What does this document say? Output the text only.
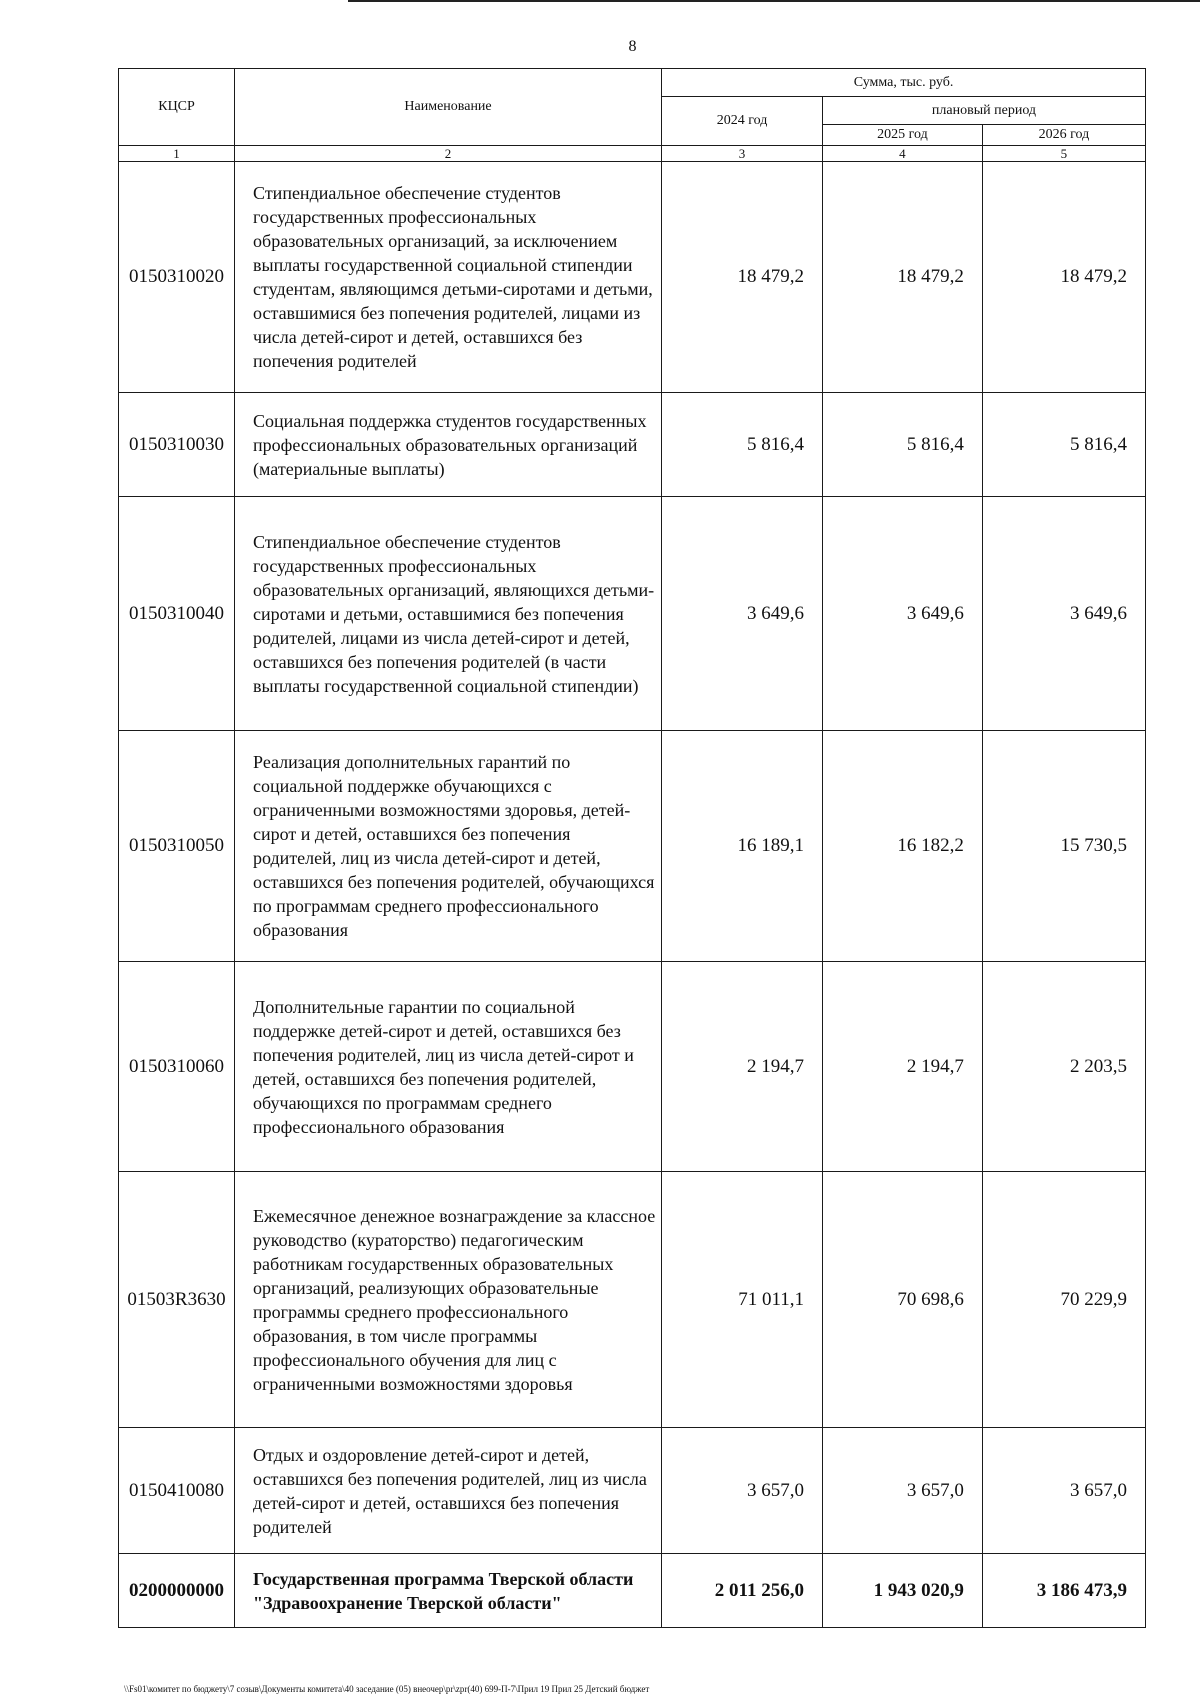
8
КЦСР	Наименование	Сумма, тыс. руб.		
		2024 год	плановый период	
			2025 год	2026 год
1	2	3	4	5
0150310020	Стипендиальное обеспечение студентов государственных профессиональных образовательных организаций, за исключением выплаты государственной социальной стипендии студентам, являющимся детьми-сиротами и детьми, оставшимися без попечения родителей, лицами из числа детей-сирот и детей, оставшихся без попечения родителей	18 479,2	18 479,2	18 479,2
0150310030	Социальная поддержка студентов государственных профессиональных образовательных организаций (материальные выплаты)	5 816,4	5 816,4	5 816,4
0150310040	Стипендиальное обеспечение студентов государственных профессиональных образовательных организаций, являющихся детьми-сиротами и детьми, оставшимися без попечения родителей, лицами из числа детей-сирот и детей, оставшихся без попечения родителей (в части выплаты государственной социальной стипендии)	3 649,6	3 649,6	3 649,6
0150310050	Реализация дополнительных гарантий по социальной поддержке обучающихся с ограниченными возможностями здоровья, детей-сирот и детей, оставшихся без попечения родителей, лиц из числа детей-сирот и детей, оставшихся без попечения родителей, обучающихся по программам среднего профессионального образования	16 189,1	16 182,2	15 730,5
0150310060	Дополнительные гарантии по социальной поддержке детей-сирот и детей, оставшихся без попечения родителей, лиц из числа детей-сирот и детей, оставшихся без попечения родителей, обучающихся по программам среднего профессионального образования	2 194,7	2 194,7	2 203,5
01503R3630	Ежемесячное денежное вознаграждение за классное руководство (кураторство) педагогическим работникам государственных образовательных организаций, реализующих образовательные программы среднего профессионального образования, в том числе программы профессионального обучения для лиц с ограниченными возможностями здоровья	71 011,1	70 698,6	70 229,9
0150410080	Отдых и оздоровление детей-сирот и детей, оставшихся без попечения родителей, лиц из числа детей-сирот и детей, оставшихся без попечения родителей	3 657,0	3 657,0	3 657,0
0200000000	Государственная программа Тверской области "Здравоохранение Тверской области"	2 011 256,0	1 943 020,9	3 186 473,9
\\Fs01\комитет по бюджету\7 созыв\Документы комитета\40 заседание (05) внеочер\pr\zpr(40) 699-П-7\Прил 19 Прил 25 Детский бюджет
